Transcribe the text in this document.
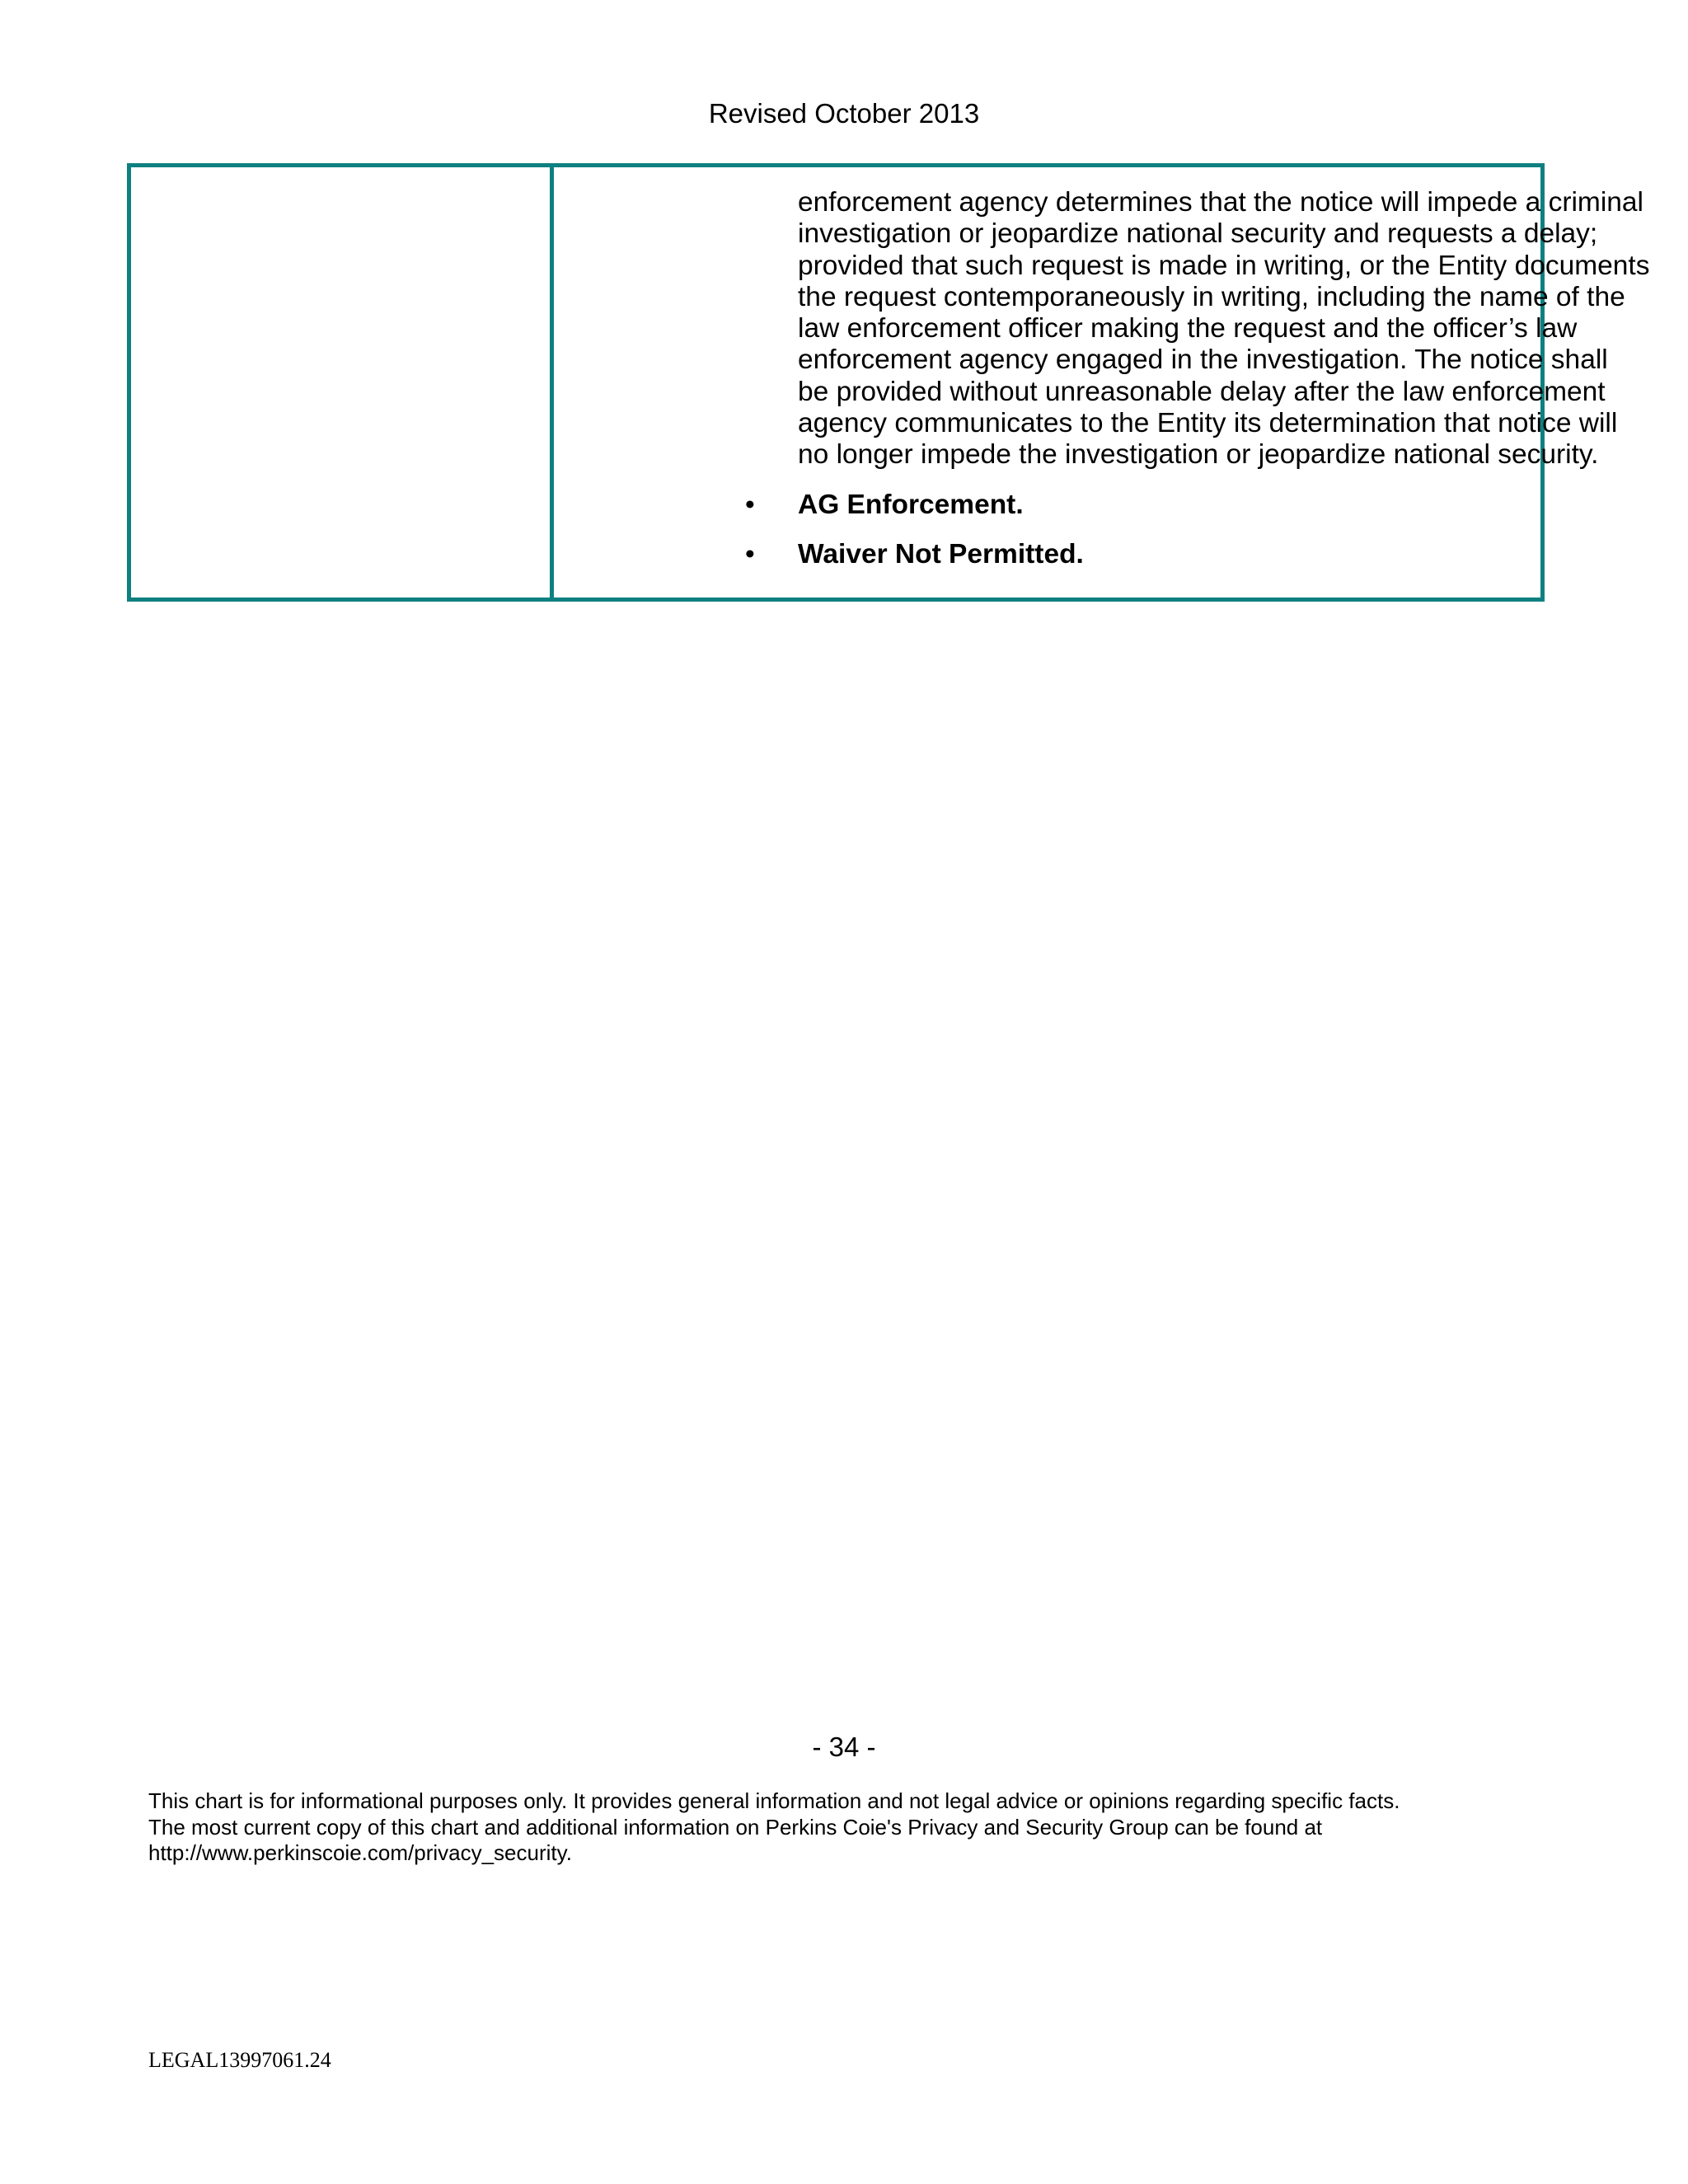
Revised October 2013
enforcement agency determines that the notice will impede a criminal
investigation or jeopardize national security and requests a delay;
provided that such request is made in writing, or the Entity documents
the request contemporaneously in writing, including the name of the
law enforcement officer making the request and the officer’s law
enforcement agency engaged in the investigation. The notice shall
be provided without unreasonable delay after the law enforcement
agency communicates to the Entity its determination that notice will
no longer impede the investigation or jeopardize national security.
• AG Enforcement.
• Waiver Not Permitted.
- 34 -
This chart is for informational purposes only. It provides general information and not legal advice or opinions regarding specific facts.
The most current copy of this chart and additional information on Perkins Coie's Privacy and Security Group can be found at
http://www.perkinscoie.com/privacy_security.
LEGAL13997061.24
